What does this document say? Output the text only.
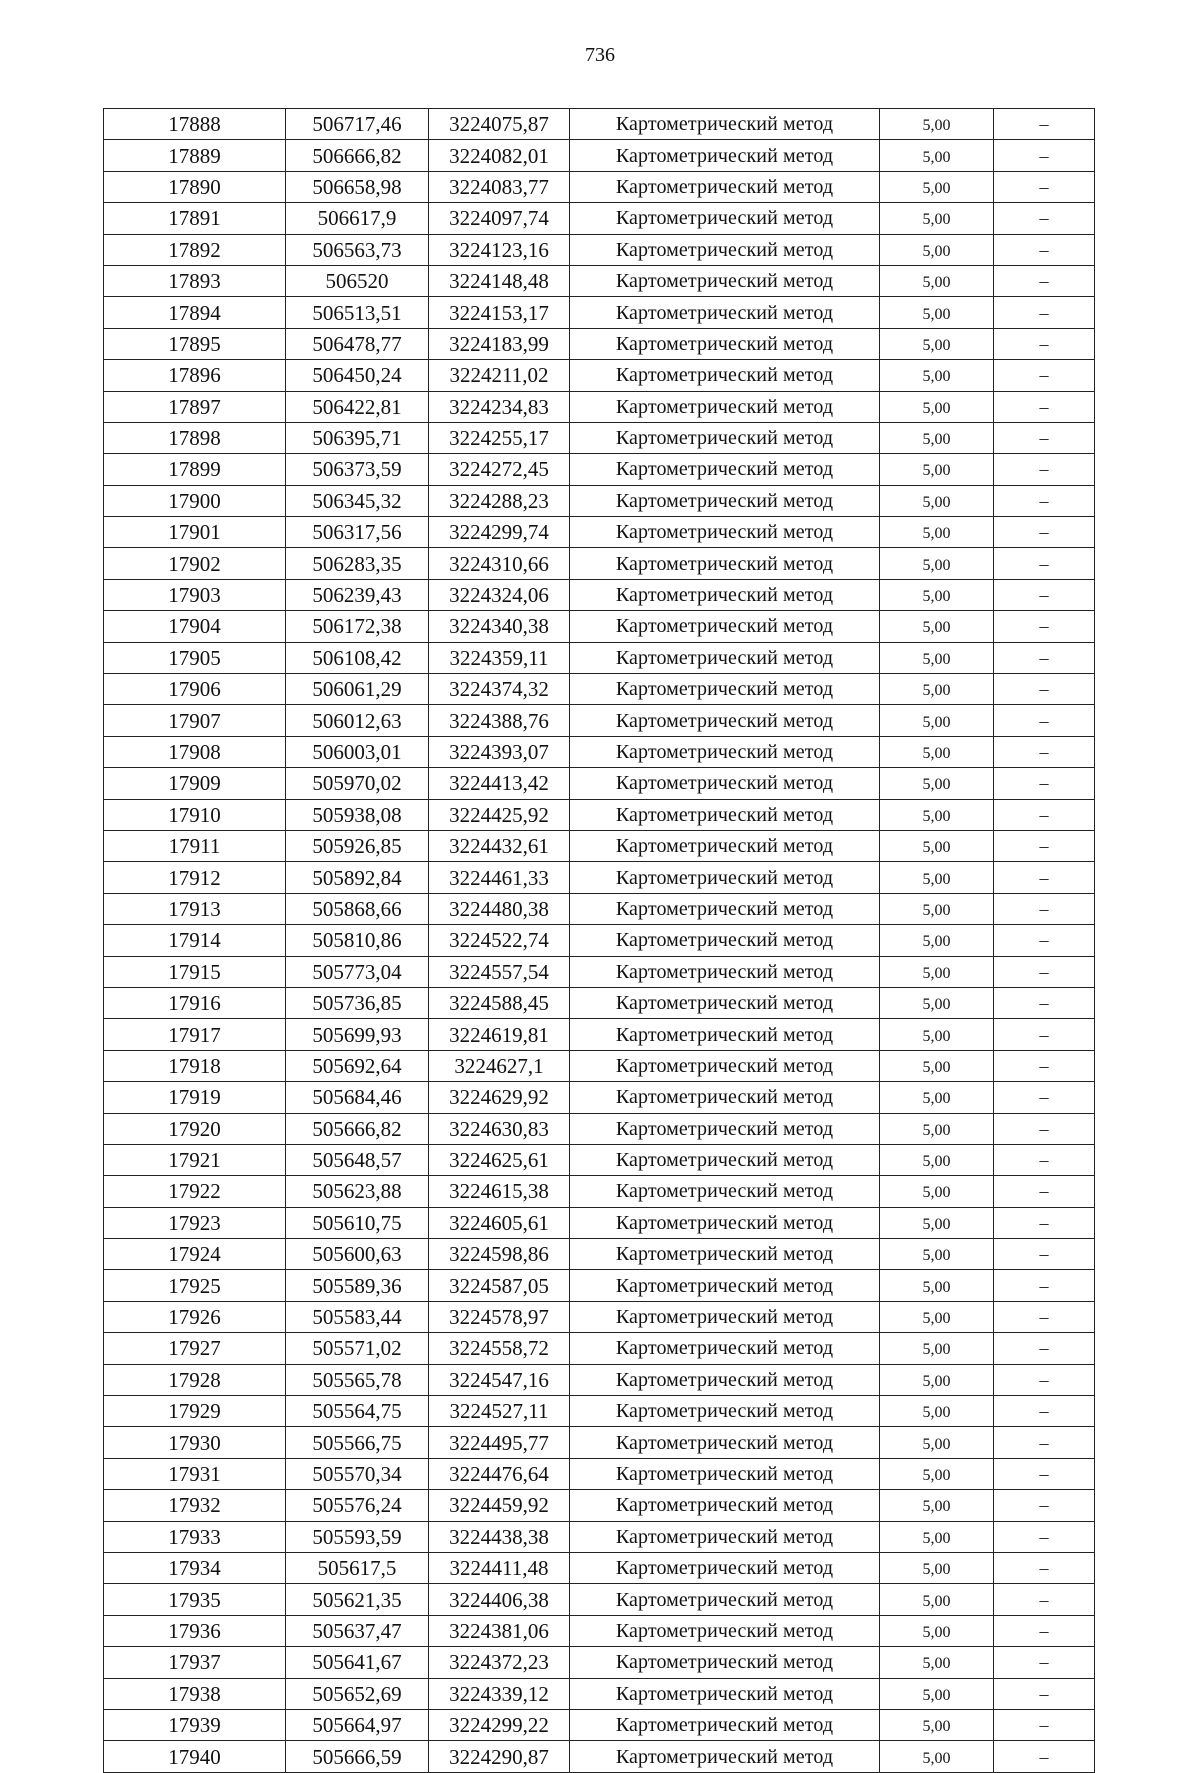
736
17888	506717,46	3224075,87	Картометрический метод	5,00	–
17889	506666,82	3224082,01	Картометрический метод	5,00	–
17890	506658,98	3224083,77	Картометрический метод	5,00	–
17891	506617,9	3224097,74	Картометрический метод	5,00	–
17892	506563,73	3224123,16	Картометрический метод	5,00	–
17893	506520	3224148,48	Картометрический метод	5,00	–
17894	506513,51	3224153,17	Картометрический метод	5,00	–
17895	506478,77	3224183,99	Картометрический метод	5,00	–
17896	506450,24	3224211,02	Картометрический метод	5,00	–
17897	506422,81	3224234,83	Картометрический метод	5,00	–
17898	506395,71	3224255,17	Картометрический метод	5,00	–
17899	506373,59	3224272,45	Картометрический метод	5,00	–
17900	506345,32	3224288,23	Картометрический метод	5,00	–
17901	506317,56	3224299,74	Картометрический метод	5,00	–
17902	506283,35	3224310,66	Картометрический метод	5,00	–
17903	506239,43	3224324,06	Картометрический метод	5,00	–
17904	506172,38	3224340,38	Картометрический метод	5,00	–
17905	506108,42	3224359,11	Картометрический метод	5,00	–
17906	506061,29	3224374,32	Картометрический метод	5,00	–
17907	506012,63	3224388,76	Картометрический метод	5,00	–
17908	506003,01	3224393,07	Картометрический метод	5,00	–
17909	505970,02	3224413,42	Картометрический метод	5,00	–
17910	505938,08	3224425,92	Картометрический метод	5,00	–
17911	505926,85	3224432,61	Картометрический метод	5,00	–
17912	505892,84	3224461,33	Картометрический метод	5,00	–
17913	505868,66	3224480,38	Картометрический метод	5,00	–
17914	505810,86	3224522,74	Картометрический метод	5,00	–
17915	505773,04	3224557,54	Картометрический метод	5,00	–
17916	505736,85	3224588,45	Картометрический метод	5,00	–
17917	505699,93	3224619,81	Картометрический метод	5,00	–
17918	505692,64	3224627,1	Картометрический метод	5,00	–
17919	505684,46	3224629,92	Картометрический метод	5,00	–
17920	505666,82	3224630,83	Картометрический метод	5,00	–
17921	505648,57	3224625,61	Картометрический метод	5,00	–
17922	505623,88	3224615,38	Картометрический метод	5,00	–
17923	505610,75	3224605,61	Картометрический метод	5,00	–
17924	505600,63	3224598,86	Картометрический метод	5,00	–
17925	505589,36	3224587,05	Картометрический метод	5,00	–
17926	505583,44	3224578,97	Картометрический метод	5,00	–
17927	505571,02	3224558,72	Картометрический метод	5,00	–
17928	505565,78	3224547,16	Картометрический метод	5,00	–
17929	505564,75	3224527,11	Картометрический метод	5,00	–
17930	505566,75	3224495,77	Картометрический метод	5,00	–
17931	505570,34	3224476,64	Картометрический метод	5,00	–
17932	505576,24	3224459,92	Картометрический метод	5,00	–
17933	505593,59	3224438,38	Картометрический метод	5,00	–
17934	505617,5	3224411,48	Картометрический метод	5,00	–
17935	505621,35	3224406,38	Картометрический метод	5,00	–
17936	505637,47	3224381,06	Картометрический метод	5,00	–
17937	505641,67	3224372,23	Картометрический метод	5,00	–
17938	505652,69	3224339,12	Картометрический метод	5,00	–
17939	505664,97	3224299,22	Картометрический метод	5,00	–
17940	505666,59	3224290,87	Картометрический метод	5,00	–
